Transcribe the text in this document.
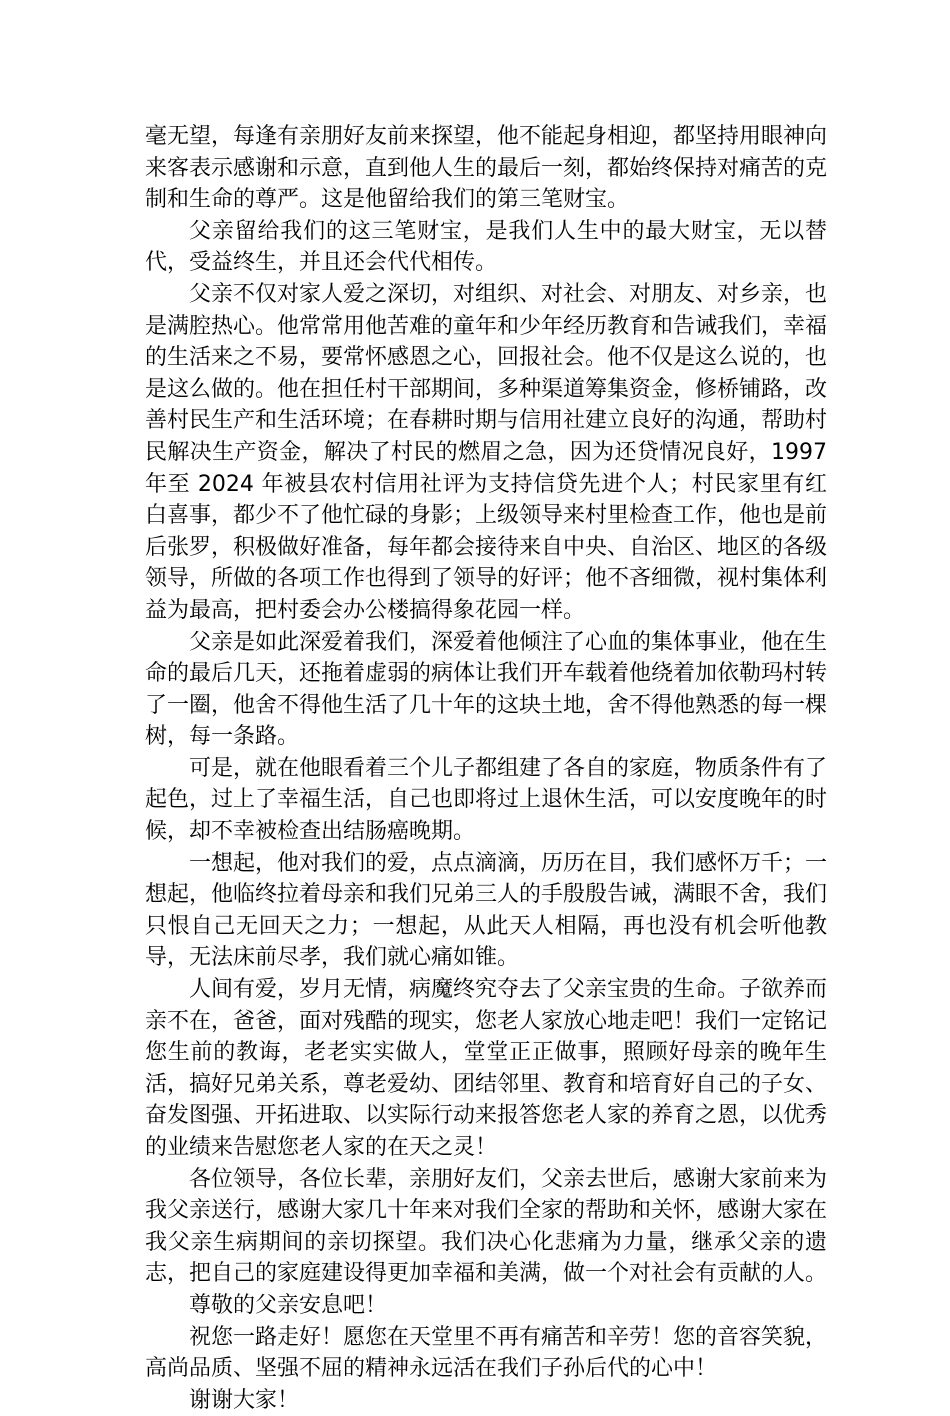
毫无望，每逢有亲朋好友前来探望，他不能起身相迎，都坚持用眼神向来客表示感谢和示意，直到他人生的最后一刻，都始终保持对痛苦的克制和生命的尊严。这是他留给我们的第三笔财宝。

父亲留给我们的这三笔财宝，是我们人生中的最大财宝，无以替代，受益终生，并且还会代代相传。

父亲不仅对家人爱之深切，对组织、对社会、对朋友、对乡亲，也是满腔热心。他常常用他苦难的童年和少年经历教育和告诫我们，幸福的生活来之不易，要常怀感恩之心，回报社会。他不仅是这么说的，也是这么做的。他在担任村干部期间，多种渠道筹集资金，修桥铺路，改善村民生产和生活环境；在春耕时期与信用社建立良好的沟通，帮助村民解决生产资金，解决了村民的燃眉之急，因为还贷情况良好，1997 年至 2024 年被县农村信用社评为支持信贷先进个人；村民家里有红白喜事，都少不了他忙碌的身影；上级领导来村里检查工作，他也是前后张罗，积极做好准备，每年都会接待来自中央、自治区、地区的各级领导，所做的各项工作也得到了领导的好评；他不吝细微，视村集体利益为最高，把村委会办公楼搞得象花园一样。

父亲是如此深爱着我们，深爱着他倾注了心血的集体事业，他在生命的最后几天，还拖着虚弱的病体让我们开车载着他绕着加依勒玛村转了一圈，他舍不得他生活了几十年的这块土地，舍不得他熟悉的每一棵树，每一条路。

可是，就在他眼看着三个儿子都组建了各自的家庭，物质条件有了起色，过上了幸福生活，自己也即将过上退休生活，可以安度晚年的时候，却不幸被检查出结肠癌晚期。

一想起，他对我们的爱，点点滴滴，历历在目，我们感怀万千；一想起，他临终拉着母亲和我们兄弟三人的手殷殷告诫，满眼不舍，我们只恨自己无回天之力；一想起，从此天人相隔，再也没有机会听他教导，无法床前尽孝，我们就心痛如锥。

人间有爱，岁月无情，病魔终究夺去了父亲宝贵的生命。子欲养而亲不在，爸爸，面对残酷的现实，您老人家放心地走吧！我们一定铭记您生前的教诲，老老实实做人，堂堂正正做事，照顾好母亲的晚年生活，搞好兄弟关系，尊老爱幼、团结邻里、教育和培育好自己的子女、奋发图强、开拓进取、以实际行动来报答您老人家的养育之恩，以优秀的业绩来告慰您老人家的在天之灵！

各位领导，各位长辈，亲朋好友们，父亲去世后，感谢大家前来为我父亲送行，感谢大家几十年来对我们全家的帮助和关怀，感谢大家在我父亲生病期间的亲切探望。我们决心化悲痛为力量，继承父亲的遗志，把自己的家庭建设得更加幸福和美满，做一个对社会有贡献的人。

尊敬的父亲安息吧！

祝您一路走好！愿您在天堂里不再有痛苦和辛劳！您的音容笑貌，高尚品质、坚强不屈的精神永远活在我们子孙后代的心中！

谢谢大家！
